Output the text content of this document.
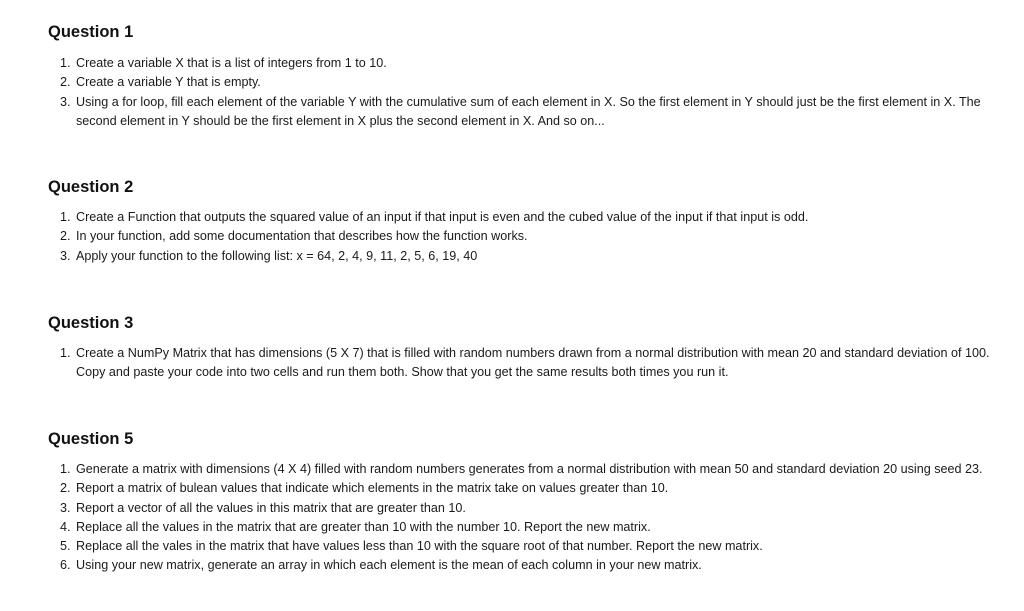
Question 1
1. Create a variable X that is a list of integers from 1 to 10.
2. Create a variable Y that is empty.
3. Using a for loop, fill each element of the variable Y with the cumulative sum of each element in X. So the first element in Y should just be the first element in X. The second element in Y should be the first element in X plus the second element in X. And so on...
Question 2
1. Create a Function that outputs the squared value of an input if that input is even and the cubed value of the input if that input is odd.
2. In your function, add some documentation that describes how the function works.
3. Apply your function to the following list: x = 64, 2, 4, 9, 11, 2, 5, 6, 19, 40
Question 3
1. Create a NumPy Matrix that has dimensions (5 X 7) that is filled with random numbers drawn from a normal distribution with mean 20 and standard deviation of 100. Copy and paste your code into two cells and run them both. Show that you get the same results both times you run it.
Question 5
1. Generate a matrix with dimensions (4 X 4) filled with random numbers generates from a normal distribution with mean 50 and standard deviation 20 using seed 23.
2. Report a matrix of bulean values that indicate which elements in the matrix take on values greater than 10.
3. Report a vector of all the values in this matrix that are greater than 10.
4. Replace all the values in the matrix that are greater than 10 with the number 10. Report the new matrix.
5. Replace all the vales in the matrix that have values less than 10 with the square root of that number. Report the new matrix.
6. Using your new matrix, generate an array in which each element is the mean of each column in your new matrix.
